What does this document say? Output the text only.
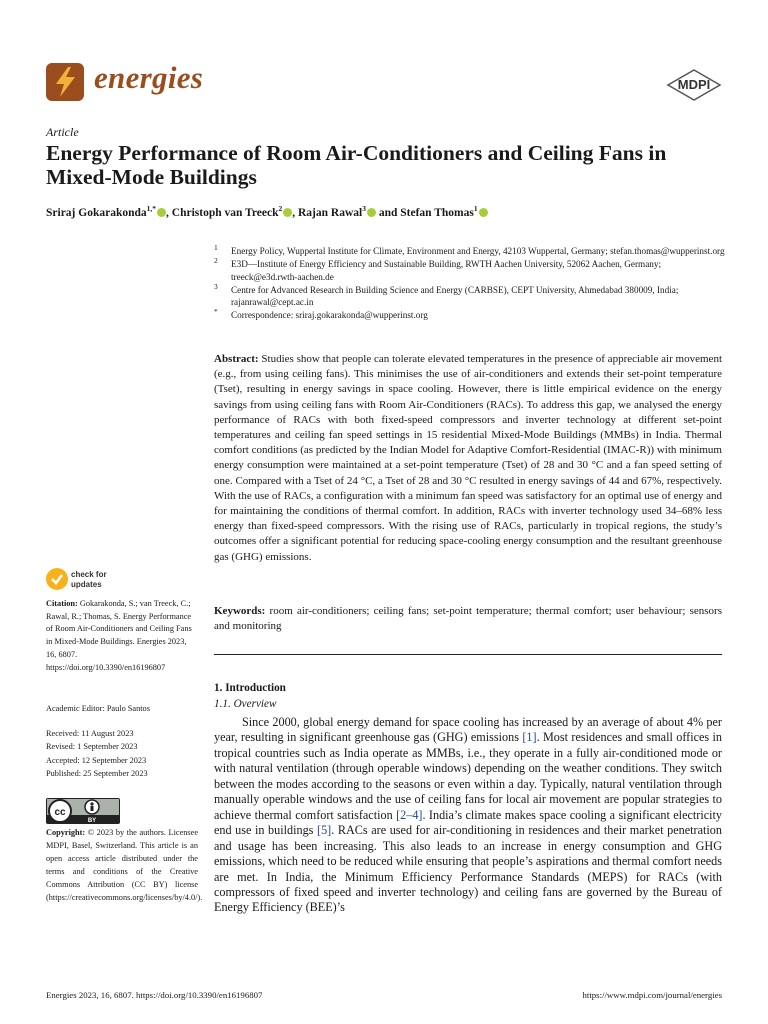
energies	MDPI
Article
Energy Performance of Room Air-Conditioners and Ceiling Fans in Mixed-Mode Buildings
Sriraj Gokarakonda$^{1,*}$ , Christoph van Treeck$^2$ , Rajan Rawal$^3$ and Stefan Thomas$^1$
1	Energy Policy, Wuppertal Institute for Climate, Environment and Energy, 42103 Wuppertal, Germany; stefan.thomas@wupperinst.org
2	E3D—Institute of Energy Efficiency and Sustainable Building, RWTH Aachen University, 52062 Aachen, Germany; treeck@e3d.rwth-aachen.de
3	Centre for Advanced Research in Building Science and Energy (CARBSE), CEPT University, Ahmedabad 380009, India; rajanrawal@cept.ac.in
*	Correspondence: sriraj.gokarakonda@wupperinst.org
Abstract: Studies show that people can tolerate elevated temperatures in the presence of appreciable air movement (e.g., from using ceiling fans). This minimises the use of air-conditioners and extends their set-point temperature (Tset), resulting in energy savings in space cooling. However, there is little empirical evidence on the energy savings from using ceiling fans with Room Air-Conditioners (RACs). To address this gap, we analysed the energy performance of RACs with both fixed-speed compressors and inverter technology at different set-point temperatures and ceiling fan speed settings in 15 residential Mixed-Mode Buildings (MMBs) in India. Thermal comfort conditions (as predicted by the Indian Model for Adaptive Comfort-Residential (IMAC-R)) with minimum energy consumption were maintained at a set-point temperature (Tset) of 28 and 30 °C and a fan speed setting of one. Compared with a Tset of 24 °C, a Tset of 28 and 30 °C resulted in energy savings of 44 and 67%, respectively. With the use of RACs, a configuration with a minimum fan speed was satisfactory for an optimal use of energy and for maintaining the conditions of thermal comfort. In addition, RACs with inverter technology used 34–68% less energy than fixed-speed compressors. With the rising use of RACs, particularly in tropical regions, the study’s outcomes offer a significant potential for reducing space-cooling energy consumption and the resultant greenhouse gas (GHG) emissions.
Keywords: room air-conditioners; ceiling fans; set-point temperature; thermal comfort; user behaviour; sensors and monitoring
1. Introduction
1.1. Overview
Since 2000, global energy demand for space cooling has increased by an average of about 4% per year, resulting in significant greenhouse gas (GHG) emissions [1]. Most residences and small offices in tropical countries such as India operate as MMBs, i.e., they operate in a fully air-conditioned mode or with natural ventilation (through operable windows) depending on the weather conditions. They switch between the modes according to the seasons or even within a day. Typically, natural ventilation through manually operable windows and the use of ceiling fans for local air movement are popular strategies to achieve thermal comfort satisfaction [2–4]. India’s climate makes space cooling a significant electricity end use in buildings [5]. RACs are used for air-conditioning in residences and their market penetration and usage has been increasing. This also leads to an increase in energy consumption and GHG emissions, which need to be reduced while ensuring that people’s aspirations and thermal comfort needs are met. In India, the Minimum Efficiency Performance Standards (MEPS) for RACs (with compressors of fixed speed and inverter technology) and ceiling fans are governed by the Bureau of Energy Efficiency (BEE)’s
check for
updates
Citation: Gokarakonda, S.; van Treeck, C.; Rawal, R.; Thomas, S. Energy Performance of Room Air-Conditioners and Ceiling Fans in Mixed-Mode Buildings. Energies 2023, 16, 6807. https://doi.org/10.3390/en16196807
Academic Editor: Paulo Santos
Received: 11 August 2023
Revised: 1 September 2023
Accepted: 12 September 2023
Published: 25 September 2023
cc
BY
Copyright: © 2023 by the authors. Licensee MDPI, Basel, Switzerland. This article is an open access article distributed under the terms and conditions of the Creative Commons Attribution (CC BY) license (https://creativecommons.org/licenses/by/4.0/).
Energies 2023, 16, 6807. https://doi.org/10.3390/en16196807	https://www.mdpi.com/journal/energies
